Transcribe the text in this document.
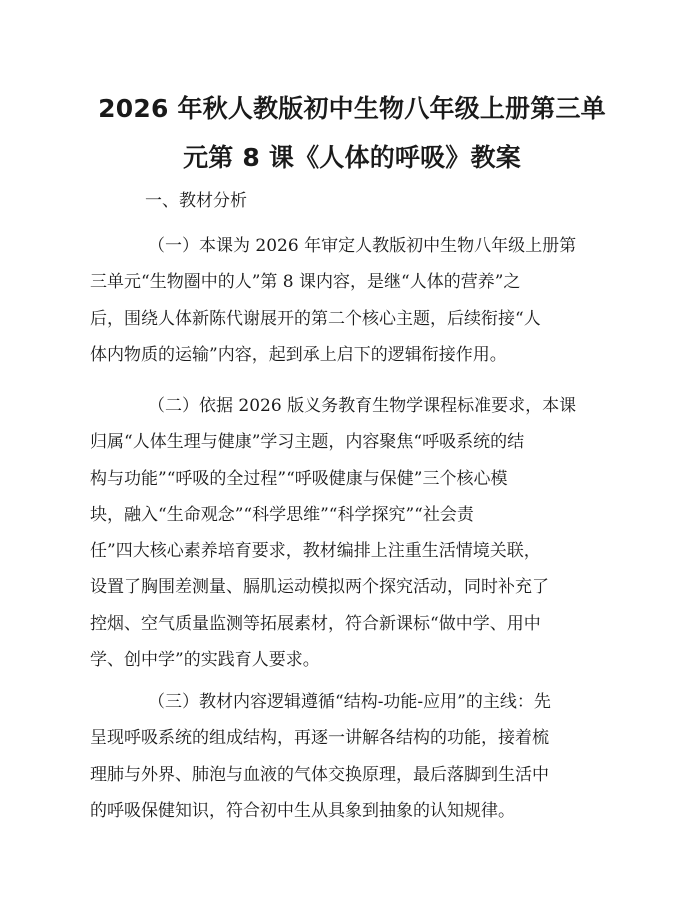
2026 年秋人教版初中生物八年级上册第三单
元第 8 课《人体的呼吸》教案

一、教材分析

（一）本课为 2026 年审定人教版初中生物八年级上册第
三单元“生物圈中的人”第 8 课内容，是继“人体的营养”之
后，围绕人体新陈代谢展开的第二个核心主题，后续衔接“人
体内物质的运输”内容，起到承上启下的逻辑衔接作用。
（二）依据 2026 版义务教育生物学课程标准要求，本课
归属“人体生理与健康”学习主题，内容聚焦“呼吸系统的结
构与功能”“呼吸的全过程”“呼吸健康与保健”三个核心模
块，融入“生命观念”“科学思维”“科学探究”“社会责
任”四大核心素养培育要求，教材编排上注重生活情境关联，
设置了胸围差测量、膈肌运动模拟两个探究活动，同时补充了
控烟、空气质量监测等拓展素材，符合新课标“做中学、用中
学、创中学”的实践育人要求。
（三）教材内容逻辑遵循“结构-功能-应用”的主线：先
呈现呼吸系统的组成结构，再逐一讲解各结构的功能，接着梳
理肺与外界、肺泡与血液的气体交换原理，最后落脚到生活中
的呼吸保健知识，符合初中生从具象到抽象的认知规律。
